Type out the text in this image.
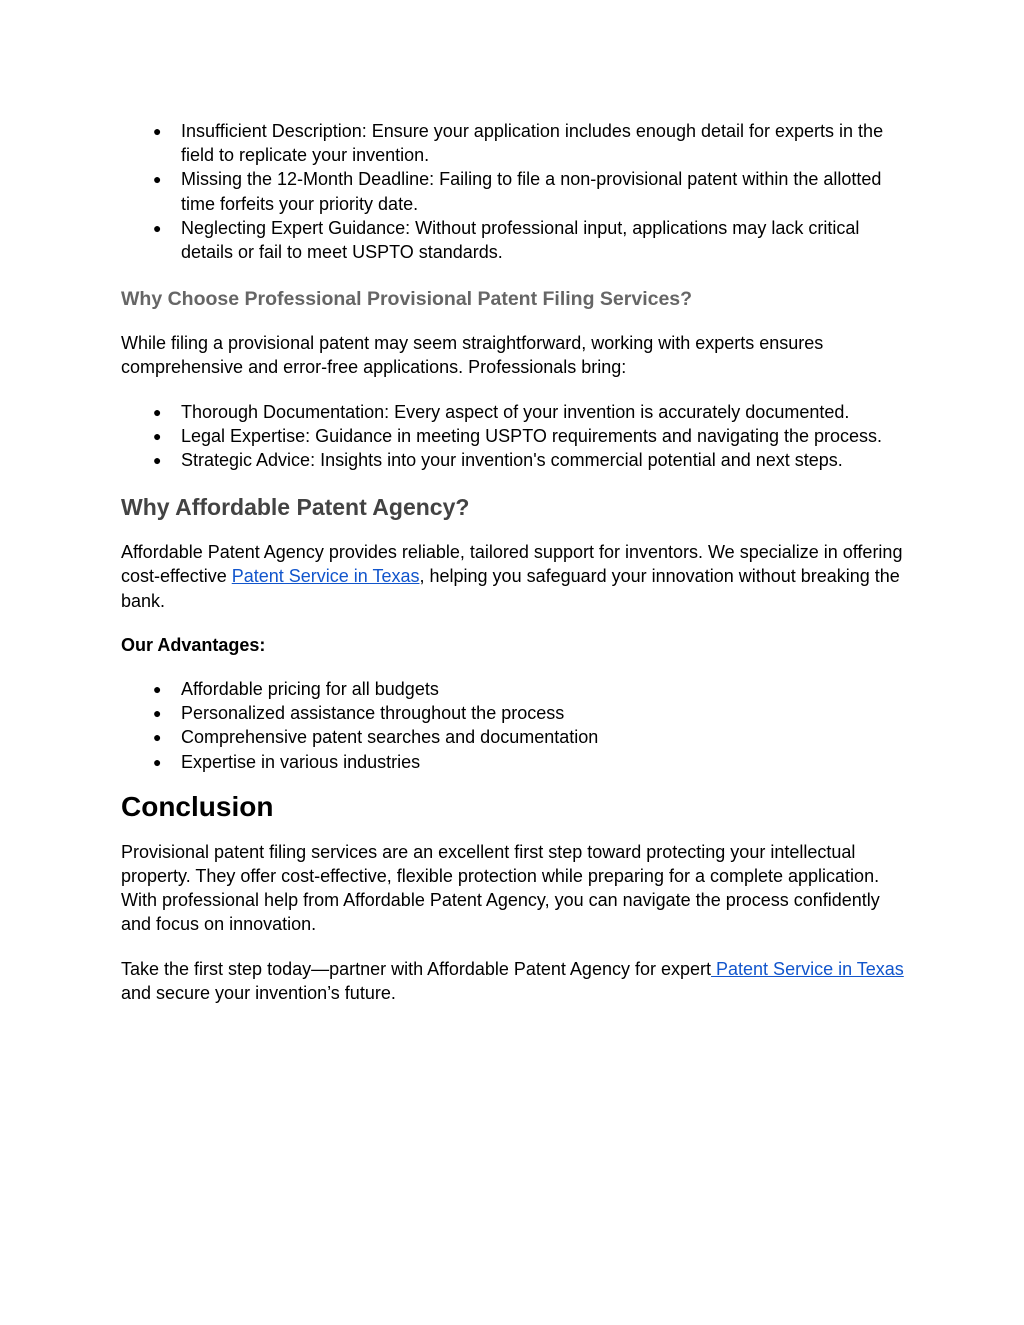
● Insufficient Description: Ensure your application includes enough detail for experts in the field to replicate your invention.
● Missing the 12-Month Deadline: Failing to file a non-provisional patent within the allotted time forfeits your priority date.
● Neglecting Expert Guidance: Without professional input, applications may lack critical details or fail to meet USPTO standards.
Why Choose Professional Provisional Patent Filing Services?

While filing a provisional patent may seem straightforward, working with experts ensures comprehensive and error-free applications. Professionals bring:

● Thorough Documentation: Every aspect of your invention is accurately documented.
● Legal Expertise: Guidance in meeting USPTO requirements and navigating the process.
● Strategic Advice: Insights into your invention's commercial potential and next steps.
Why Affordable Patent Agency?

Affordable Patent Agency provides reliable, tailored support for inventors. We specialize in offering cost-effective Patent Service in Texas, helping you safeguard your innovation without breaking the bank.

Our Advantages:

● Affordable pricing for all budgets
● Personalized assistance throughout the process
● Comprehensive patent searches and documentation
● Expertise in various industries
Conclusion

Provisional patent filing services are an excellent first step toward protecting your intellectual property. They offer cost-effective, flexible protection while preparing for a complete application. With professional help from Affordable Patent Agency, you can navigate the process confidently and focus on innovation.

Take the first step today—partner with Affordable Patent Agency for expert Patent Service in Texas and secure your invention’s future.
